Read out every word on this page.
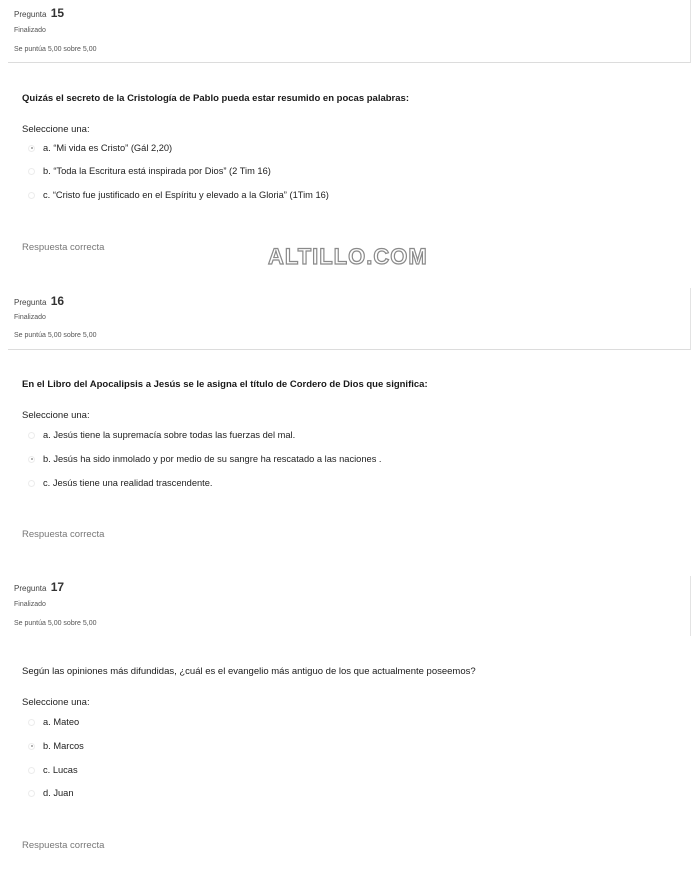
Pregunta 15
Finalizado
Se puntúa 5,00 sobre 5,00
Quizás el secreto de la Cristología de Pablo pueda estar resumido en pocas palabras:
Seleccione una:
a. “Mi vida es Cristo” (Gál 2,20)
b. “Toda la Escritura está inspirada por Dios” (2 Tim 16)
c. “Cristo fue justificado en el Espíritu y elevado a la Gloria” (1Tim 16)
Respuesta correcta	ALTILLO.COM
Pregunta 16
Finalizado
Se puntúa 5,00 sobre 5,00
En el Libro del Apocalipsis a Jesús se le asigna el título de Cordero de Dios que significa:
Seleccione una:
a. Jesús tiene la supremacía sobre todas las fuerzas del mal.
b. Jesús ha sido inmolado y por medio de su sangre ha rescatado a las naciones .
c. Jesús tiene una realidad trascendente.
Respuesta correcta
Pregunta 17
Finalizado
Se puntúa 5,00 sobre 5,00
Según las opiniones más difundidas, ¿cuál es el evangelio más antiguo de los que actualmente poseemos?
Seleccione una:
a. Mateo
b. Marcos
c. Lucas
d. Juan
Respuesta correcta
